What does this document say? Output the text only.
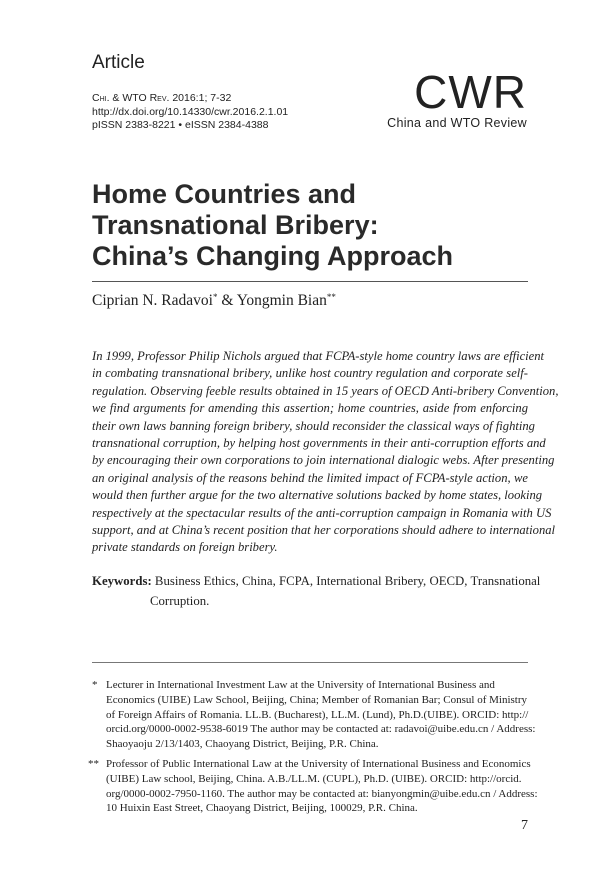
Article
Chi. & WTO Rev. 2016:1; 7-32
http://dx.doi.org/10.14330/cwr.2016.2.1.01
pISSN 2383-8221 • eISSN 2384-4388
CWR
China and WTO Review
Home Countries and
Transnational Bribery:
China’s Changing Approach
Ciprian N. Radavoi* & Yongmin Bian**
In 1999, Professor Philip Nichols argued that FCPA-style home country laws are efficient
in combating transnational bribery, unlike host country regulation and corporate self-
regulation. Observing feeble results obtained in 15 years of OECD Anti-bribery Convention,
we find arguments for amending this assertion; home countries, aside from enforcing
their own laws banning foreign bribery, should reconsider the classical ways of fighting
transnational corruption, by helping host governments in their anti-corruption efforts and
by encouraging their own corporations to join international dialogic webs. After presenting
an original analysis of the reasons behind the limited impact of FCPA-style action, we
would then further argue for the two alternative solutions backed by home states, looking
respectively at the spectacular results of the anti-corruption campaign in Romania with US
support, and at China’s recent position that her corporations should adhere to international
private standards on foreign bribery.
Keywords: Business Ethics, China, FCPA, International Bribery, OECD, Transnational
Corruption.
* Lecturer in International Investment Law at the University of International Business and
Economics (UIBE) Law School, Beijing, China; Member of Romanian Bar; Consul of Ministry
of Foreign Affairs of Romania. LL.B. (Bucharest), LL.M. (Lund), Ph.D.(UIBE). ORCID: http://
orcid.org/0000-0002-9538-6019 The author may be contacted at: radavoi@uibe.edu.cn / Address:
Shaoyaoju 2/13/1403, Chaoyang District, Beijing, P.R. China.
** Professor of Public International Law at the University of International Business and Economics
(UIBE) Law school, Beijing, China. A.B./LL.M. (CUPL), Ph.D. (UIBE). ORCID: http://orcid.
org/0000-0002-7950-1160. The author may be contacted at: bianyongmin@uibe.edu.cn / Address:
10 Huixin East Street, Chaoyang District, Beijing, 100029, P.R. China.
7
